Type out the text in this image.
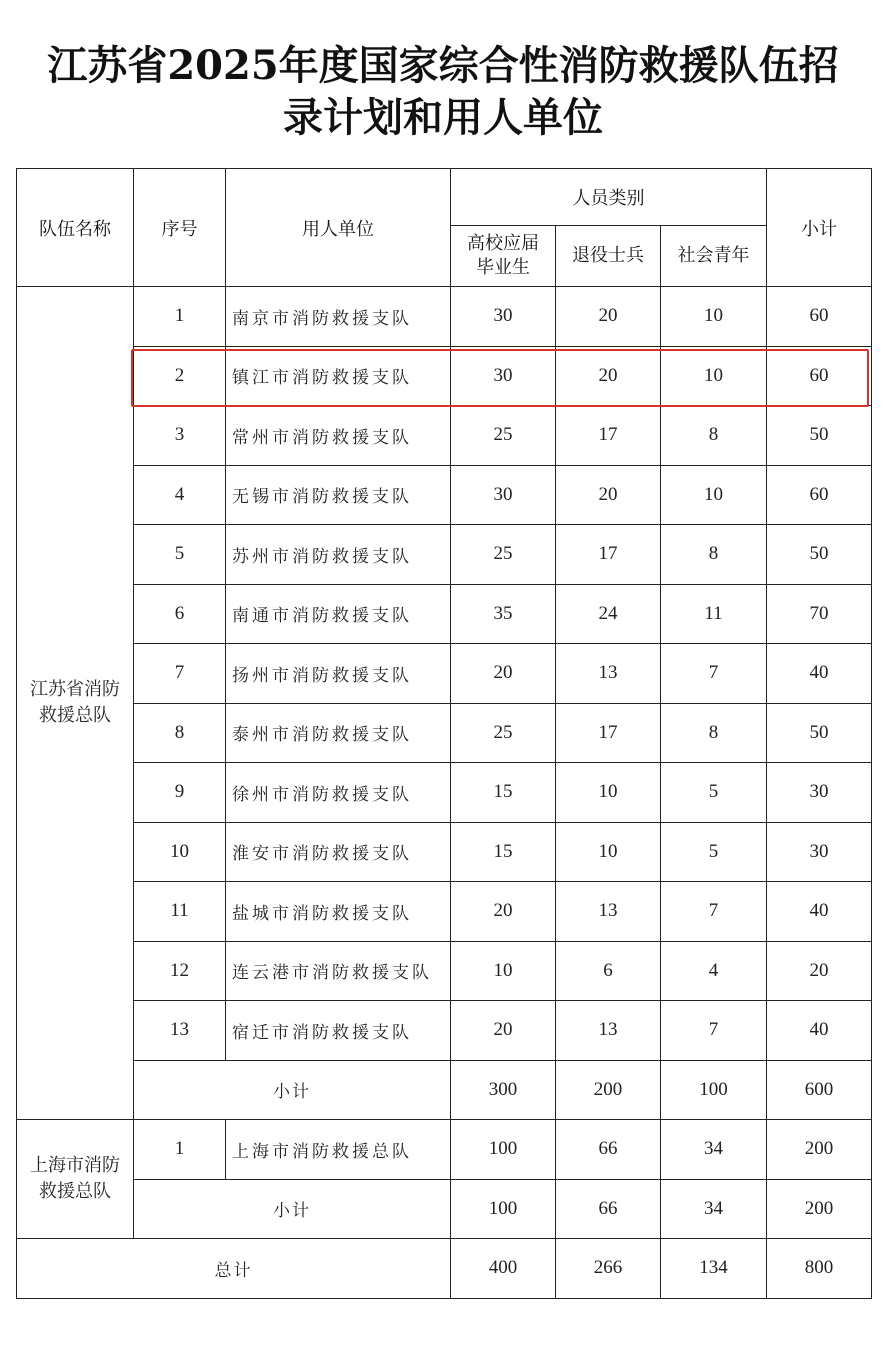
江苏省2025年度国家综合性消防救援队伍招
录计划和用人单位
队伍名称	序号	用人单位	人员类别			小计

			高校应届
毕业生	退役士兵	社会青年	

江苏省消防
救援总队	1	南京市消防救援支队	30	20	10	60
	2	镇江市消防救援支队	30	20	10	60
	3	常州市消防救援支队	25	17	8	50
	4	无锡市消防救援支队	30	20	10	60
	5	苏州市消防救援支队	25	17	8	50
	6	南通市消防救援支队	35	24	11	70
	7	扬州市消防救援支队	20	13	7	40
	8	泰州市消防救援支队	25	17	8	50
	9	徐州市消防救援支队	15	10	5	30
	10	淮安市消防救援支队	15	10	5	30
	11	盐城市消防救援支队	20	13	7	40
	12	连云港市消防救援支队	10	6	4	20
	13	宿迁市消防救援支队	20	13	7	40
	小计		300	200	100	600

上海市消防
救援总队	1	上海市消防救援总队	100	66	34	200
	小计		100	66	34	200
总计			400	266	134	800
